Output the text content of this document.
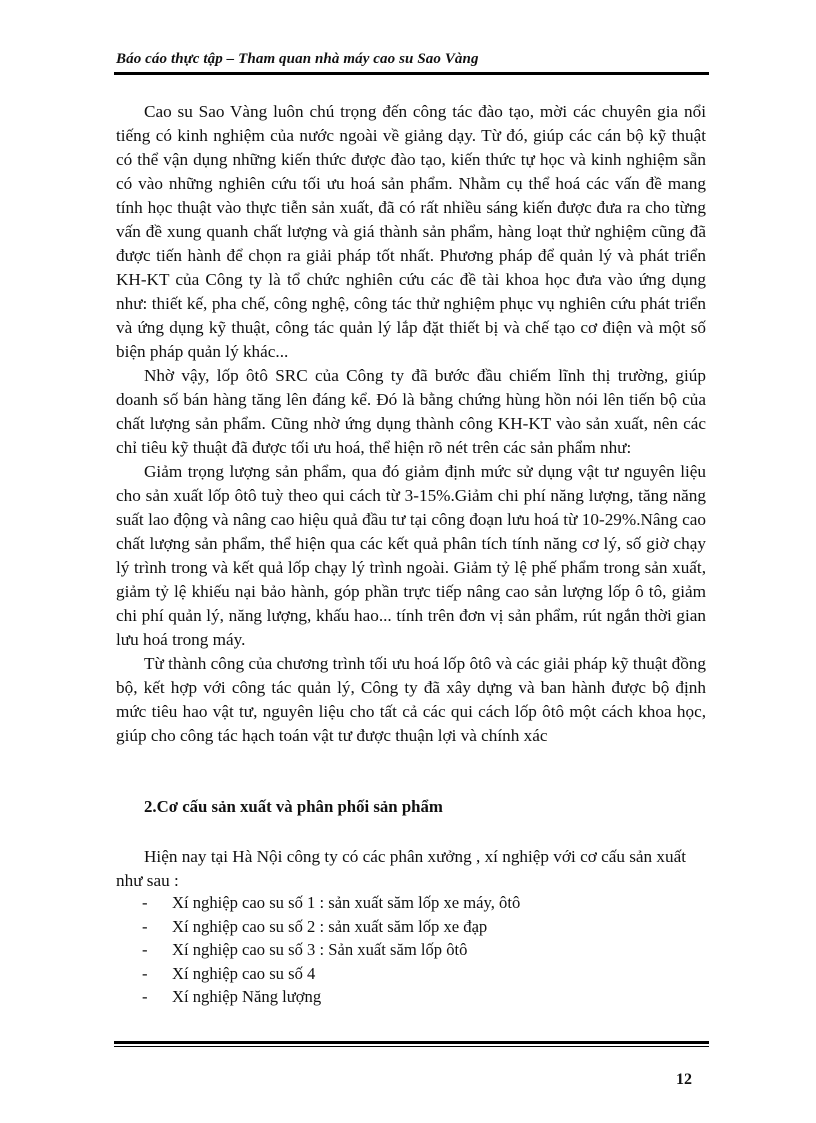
Báo cáo thực tập – Tham quan nhà máy cao su Sao Vàng

Cao su Sao Vàng luôn chú trọng đến công tác đào tạo, mời các chuyên gia nổi tiếng có kinh nghiệm của nước ngoài về giảng dạy. Từ đó, giúp các cán bộ kỹ thuật có thể vận dụng những kiến thức được đào tạo, kiến thức tự học và kinh nghiệm sẵn có vào những nghiên cứu tối ưu hoá sản phẩm. Nhằm cụ thể hoá các vấn đề mang tính học thuật vào thực tiễn sản xuất, đã có rất nhiều sáng kiến được đưa ra cho từng vấn đề xung quanh chất lượng và giá thành sản phẩm, hàng loạt thử nghiệm cũng đã được tiến hành để chọn ra giải pháp tốt nhất. Phương pháp để quản lý và phát triển KH-KT của Công ty là tổ chức nghiên cứu các đề tài khoa học đưa vào ứng dụng như: thiết kế, pha chế, công nghệ, công tác thử nghiệm phục vụ nghiên cứu phát triển và ứng dụng kỹ thuật, công tác quản lý lắp đặt thiết bị và chế tạo cơ điện và một số biện pháp quản lý khác...

Nhờ vậy, lốp ôtô SRC của Công ty đã bước đầu chiếm lĩnh thị trường, giúp doanh số bán hàng tăng lên đáng kể. Đó là bằng chứng hùng hồn nói lên tiến bộ của chất lượng sản phẩm. Cũng nhờ ứng dụng thành công KH-KT vào sản xuất, nên các chỉ tiêu kỹ thuật đã được tối ưu hoá, thể hiện rõ nét trên các sản phẩm như:

Giảm trọng lượng sản phẩm, qua đó giảm định mức sử dụng vật tư nguyên liệu cho sản xuất lốp ôtô tuỳ theo qui cách từ 3-15%.Giảm chi phí năng lượng, tăng năng suất lao động và nâng cao hiệu quả đầu tư tại công đoạn lưu hoá từ 10-29%.Nâng cao chất lượng sản phẩm, thể hiện qua các kết quả phân tích tính năng cơ lý, số giờ chạy lý trình trong và kết quả lốp chạy lý trình ngoài. Giảm tỷ lệ phế phẩm trong sản xuất, giảm tỷ lệ khiếu nại bảo hành, góp phần trực tiếp nâng cao sản lượng lốp ô tô, giảm chi phí quản lý, năng lượng, khấu hao... tính trên đơn vị sản phẩm, rút ngắn thời gian lưu hoá trong máy.

Từ thành công của chương trình tối ưu hoá lốp ôtô và các giải pháp kỹ thuật đồng bộ, kết hợp với công tác quản lý, Công ty đã xây dựng và ban hành được bộ định mức tiêu hao vật tư, nguyên liệu cho tất cả các qui cách lốp ôtô một cách khoa học, giúp cho công tác hạch toán vật tư được thuận lợi và chính xác

2.Cơ cấu sản xuất và phân phối sản phẩm

Hiện nay tại Hà Nội công ty có các phân xưởng , xí nghiệp với cơ cấu sản xuất như sau :

- Xí nghiệp cao su số 1 : sản xuất săm lốp xe máy, ôtô
- Xí nghiệp cao su số 2 : sản xuất săm lốp xe đạp
- Xí nghiệp cao su số 3 : Sản xuất săm lốp ôtô
- Xí nghiệp cao su số 4
- Xí nghiệp Năng lượng
12
